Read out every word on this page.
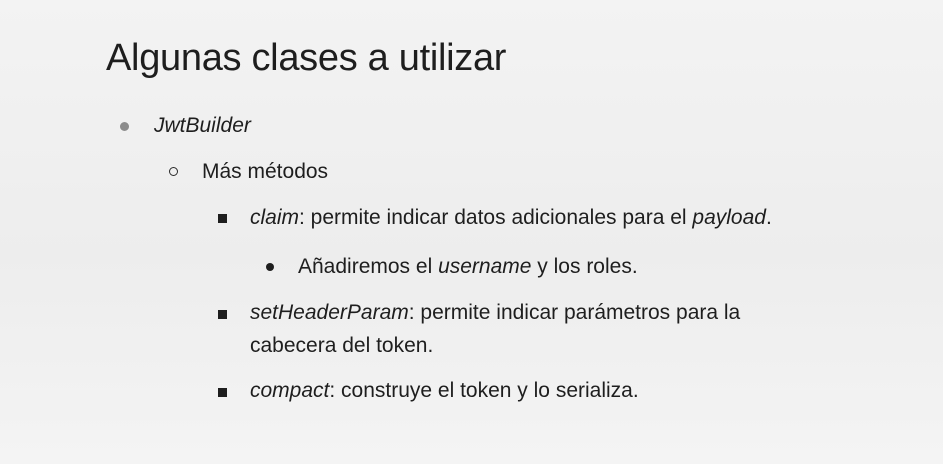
Algunas clases a utilizar
JwtBuilder
Más métodos
claim: permite indicar datos adicionales para el payload.
Añadiremos el username y los roles.
setHeaderParam: permite indicar parámetros para la
cabecera del token.
compact: construye el token y lo serializa.
